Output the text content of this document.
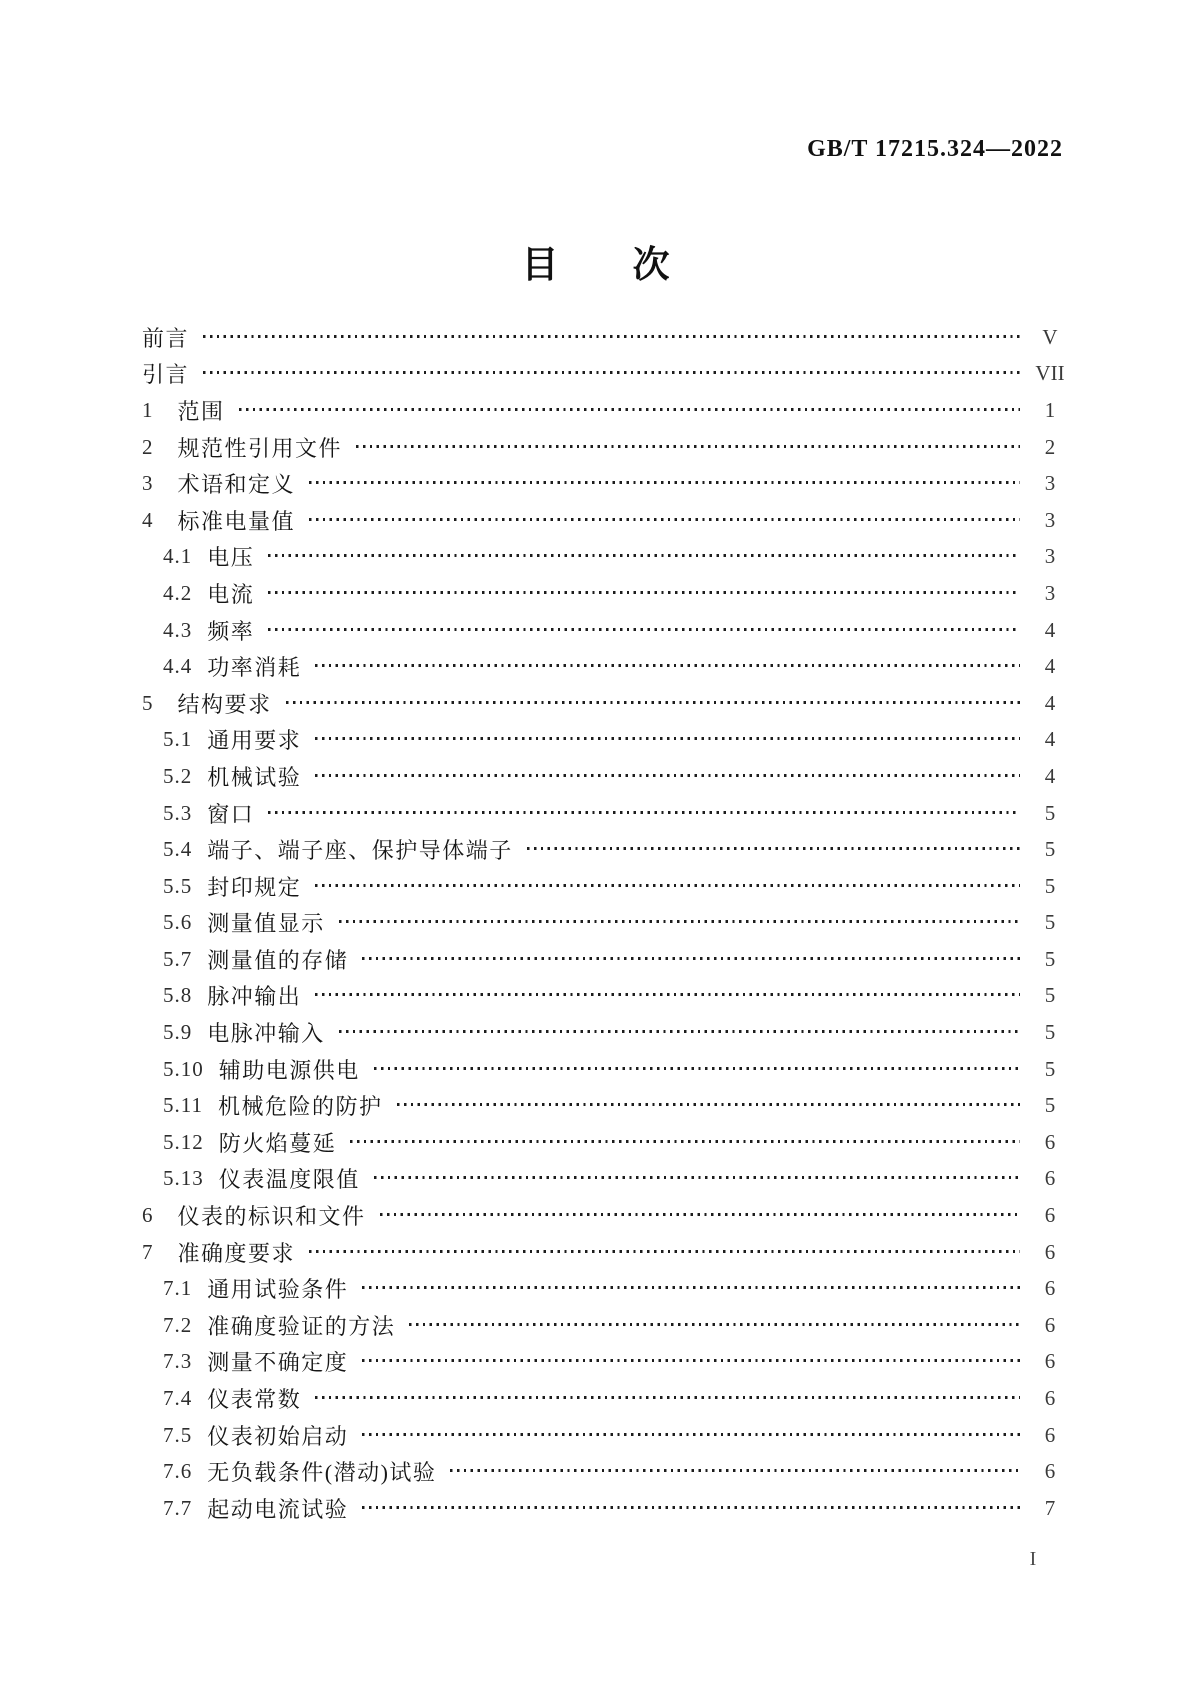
GB/T 17215.324—2022
目　　次
前言	V
引言	VII
1 范围	1
2 规范性引用文件	2
3 术语和定义	3
4 标准电量值	3
4.1 电压	3
4.2 电流	3
4.3 频率	4
4.4 功率消耗	4
5 结构要求	4
5.1 通用要求	4
5.2 机械试验	4
5.3 窗口	5
5.4 端子、端子座、保护导体端子	5
5.5 封印规定	5
5.6 测量值显示	5
5.7 测量值的存储	5
5.8 脉冲输出	5
5.9 电脉冲输入	5
5.10 辅助电源供电	5
5.11 机械危险的防护	5
5.12 防火焰蔓延	6
5.13 仪表温度限值	6
6 仪表的标识和文件	6
7 准确度要求	6
7.1 通用试验条件	6
7.2 准确度验证的方法	6
7.3 测量不确定度	6
7.4 仪表常数	6
7.5 仪表初始启动	6
7.6 无负载条件(潜动)试验	6
7.7 起动电流试验	7
I
